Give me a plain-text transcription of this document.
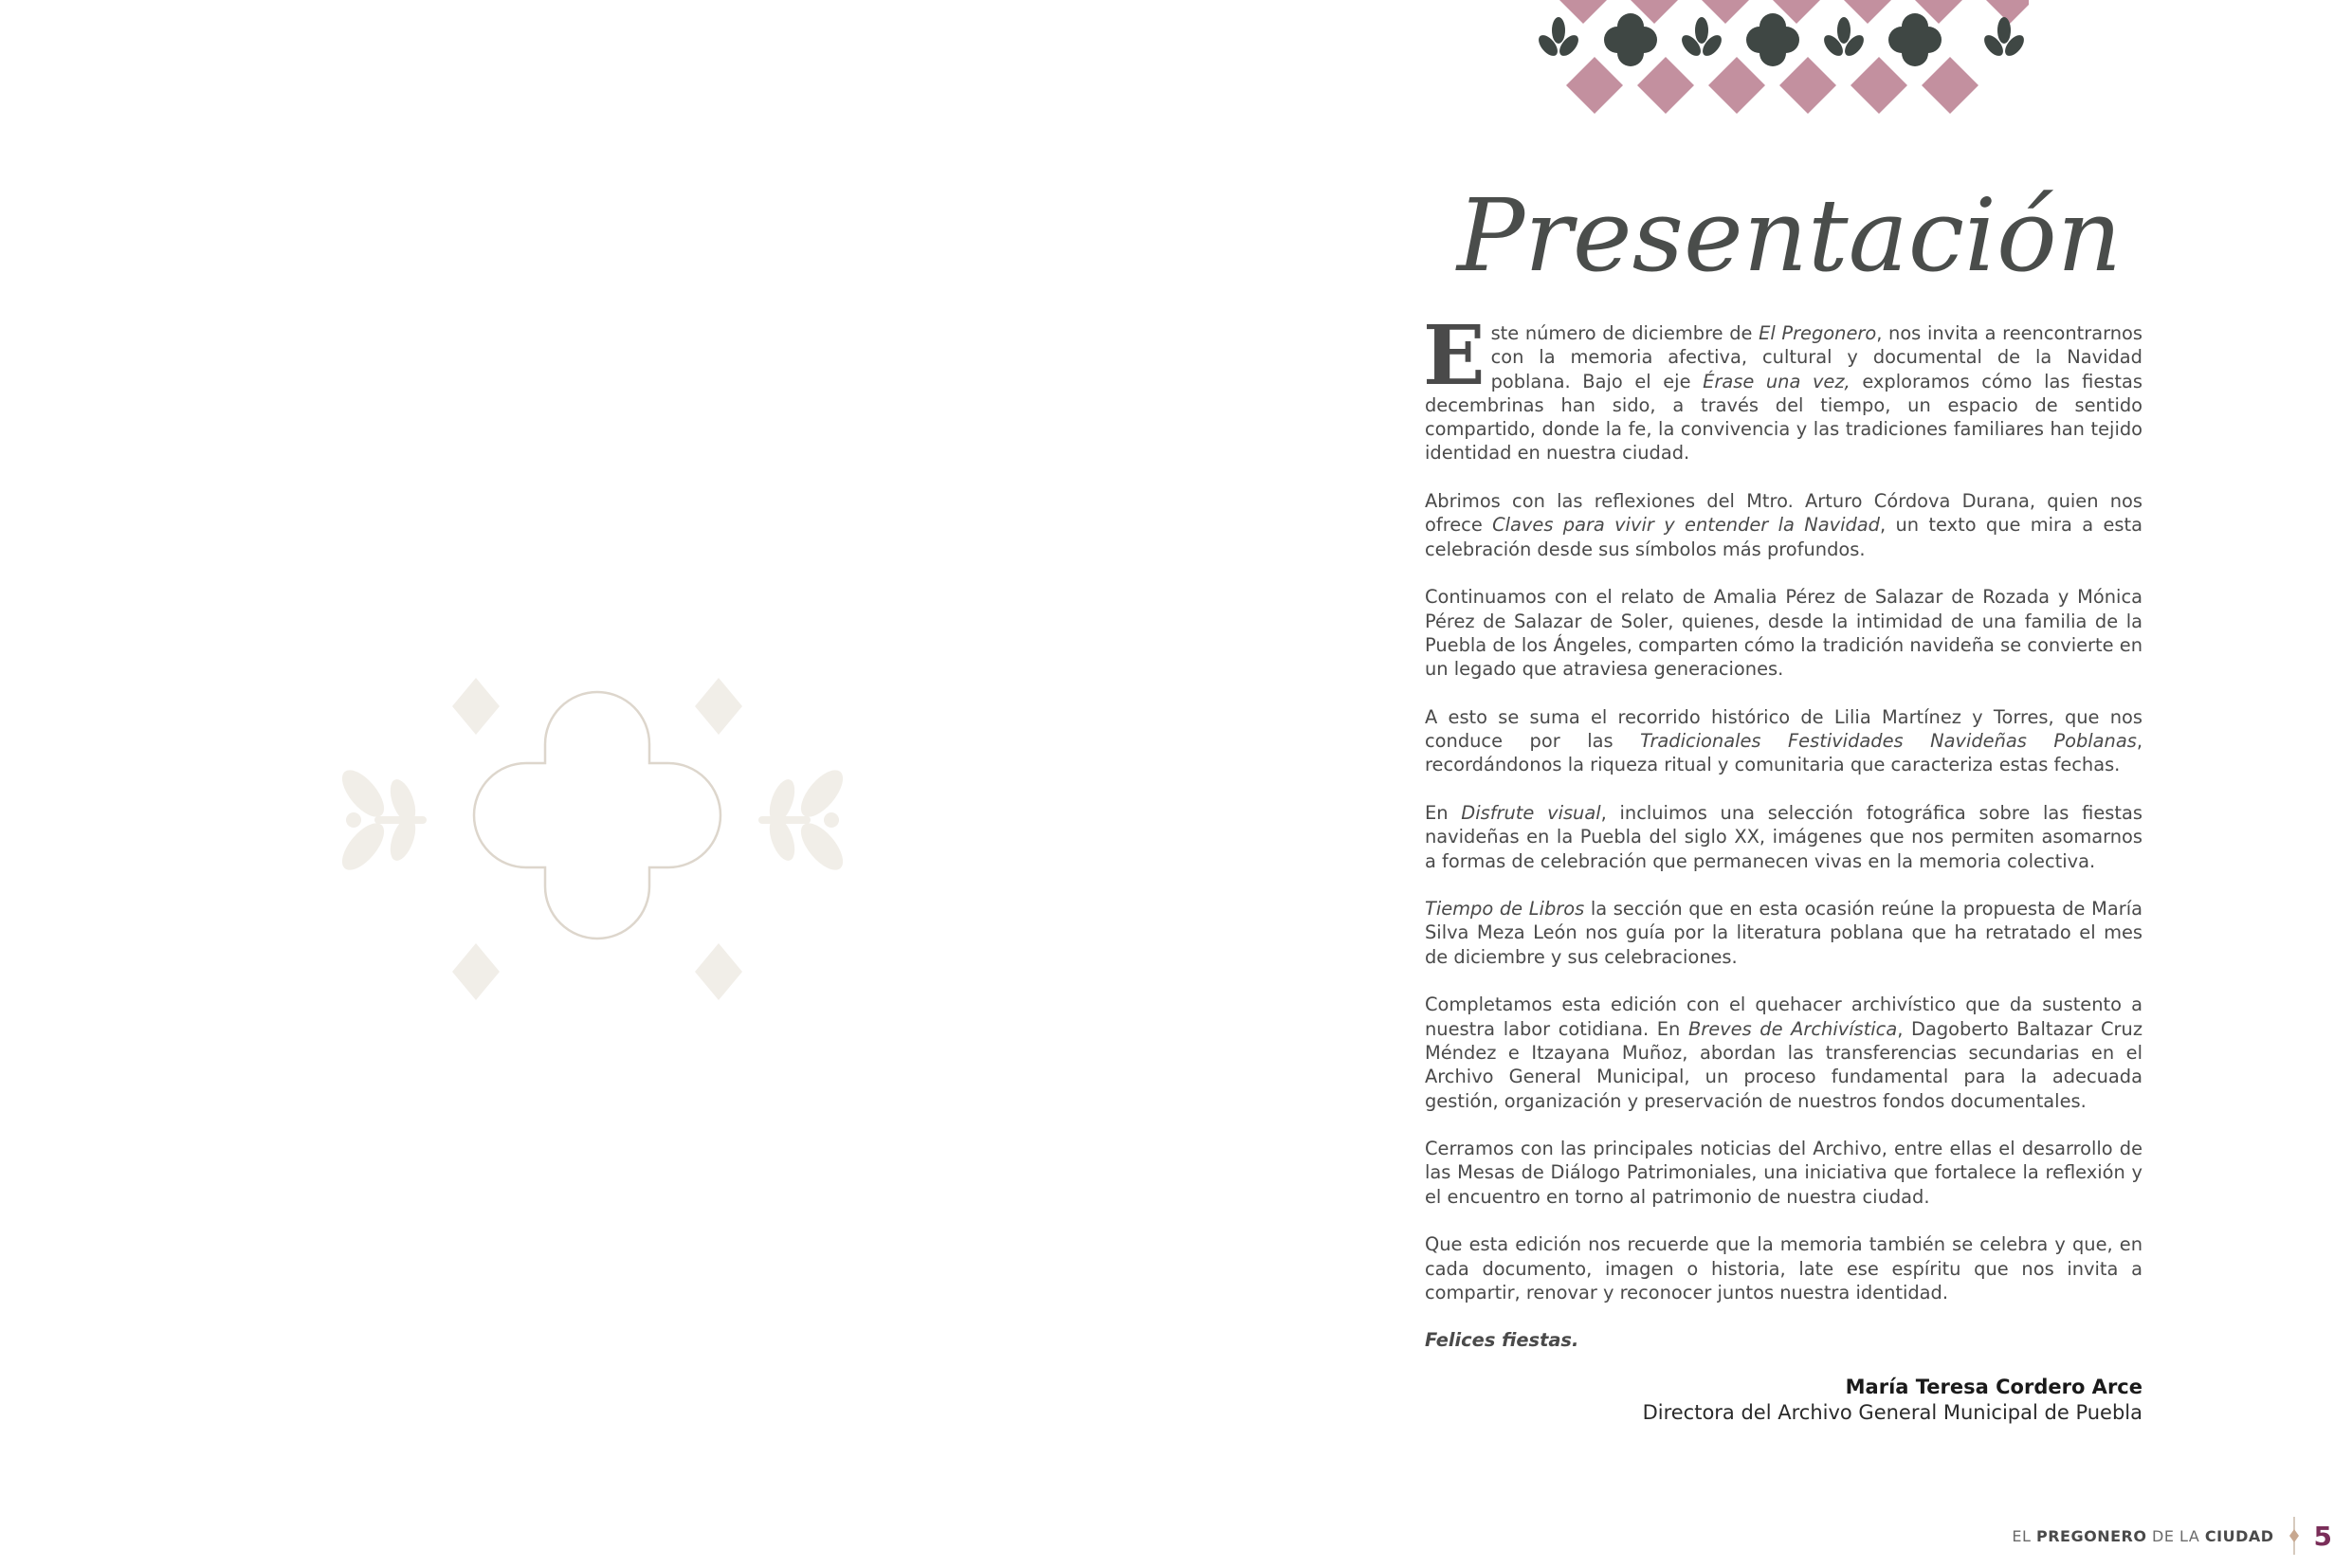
Presentación

Este número de diciembre de El Pregonero, nos invita a reencontrarnos con la memoria afectiva, cultural y documental de la Navidad poblana. Bajo el eje Érase una vez, exploramos cómo las fiestas decembrinas han sido, a través del tiempo, un espacio de sentido compartido, donde la fe, la convivencia y las tradiciones familiares han tejido identidad en nuestra ciudad.

Abrimos con las reflexiones del Mtro. Arturo Córdova Durana, quien nos ofrece Claves para vivir y entender la Navidad, un texto que mira a esta celebración desde sus símbolos más profundos.

Continuamos con el relato de Amalia Pérez de Salazar de Rozada y Mónica Pérez de Salazar de Soler, quienes, desde la intimidad de una familia de la Puebla de los Ángeles, comparten cómo la tradición navideña se convierte en un legado que atraviesa generaciones.

A esto se suma el recorrido histórico de Lilia Martínez y Torres, que nos conduce por las Tradicionales Festividades Navideñas Poblanas, recordándonos la riqueza ritual y comunitaria que caracteriza estas fechas.

En Disfrute visual, incluimos una selección fotográfica sobre las fiestas navideñas en la Puebla del siglo XX, imágenes que nos permiten asomarnos a formas de celebración que permanecen vivas en la memoria colectiva.

Tiempo de Libros la sección que en esta ocasión reúne la propuesta de María Silva Meza León nos guía por la literatura poblana que ha retratado el mes de diciembre y sus celebraciones.

Completamos esta edición con el quehacer archivístico que da sustento a nuestra labor cotidiana. En Breves de Archivística, Dagoberto Baltazar Cruz Méndez e Itzayana Muñoz, abordan las transferencias secundarias en el Archivo General Municipal, un proceso fundamental para la adecuada gestión, organización y preservación de nuestros fondos documentales.

Cerramos con las principales noticias del Archivo, entre ellas el desarrollo de las Mesas de Diálogo Patrimoniales, una iniciativa que fortalece la reflexión y el encuentro en torno al patrimonio de nuestra ciudad.

Que esta edición nos recuerde que la memoria también se celebra y que, en cada documento, imagen o historia, late ese espíritu que nos invita a compartir, renovar y reconocer juntos nuestra identidad.

Felices fiestas.

María Teresa Cordero Arce
Directora del Archivo General Municipal de Puebla
EL PREGONERO DE LA CIUDAD 5
